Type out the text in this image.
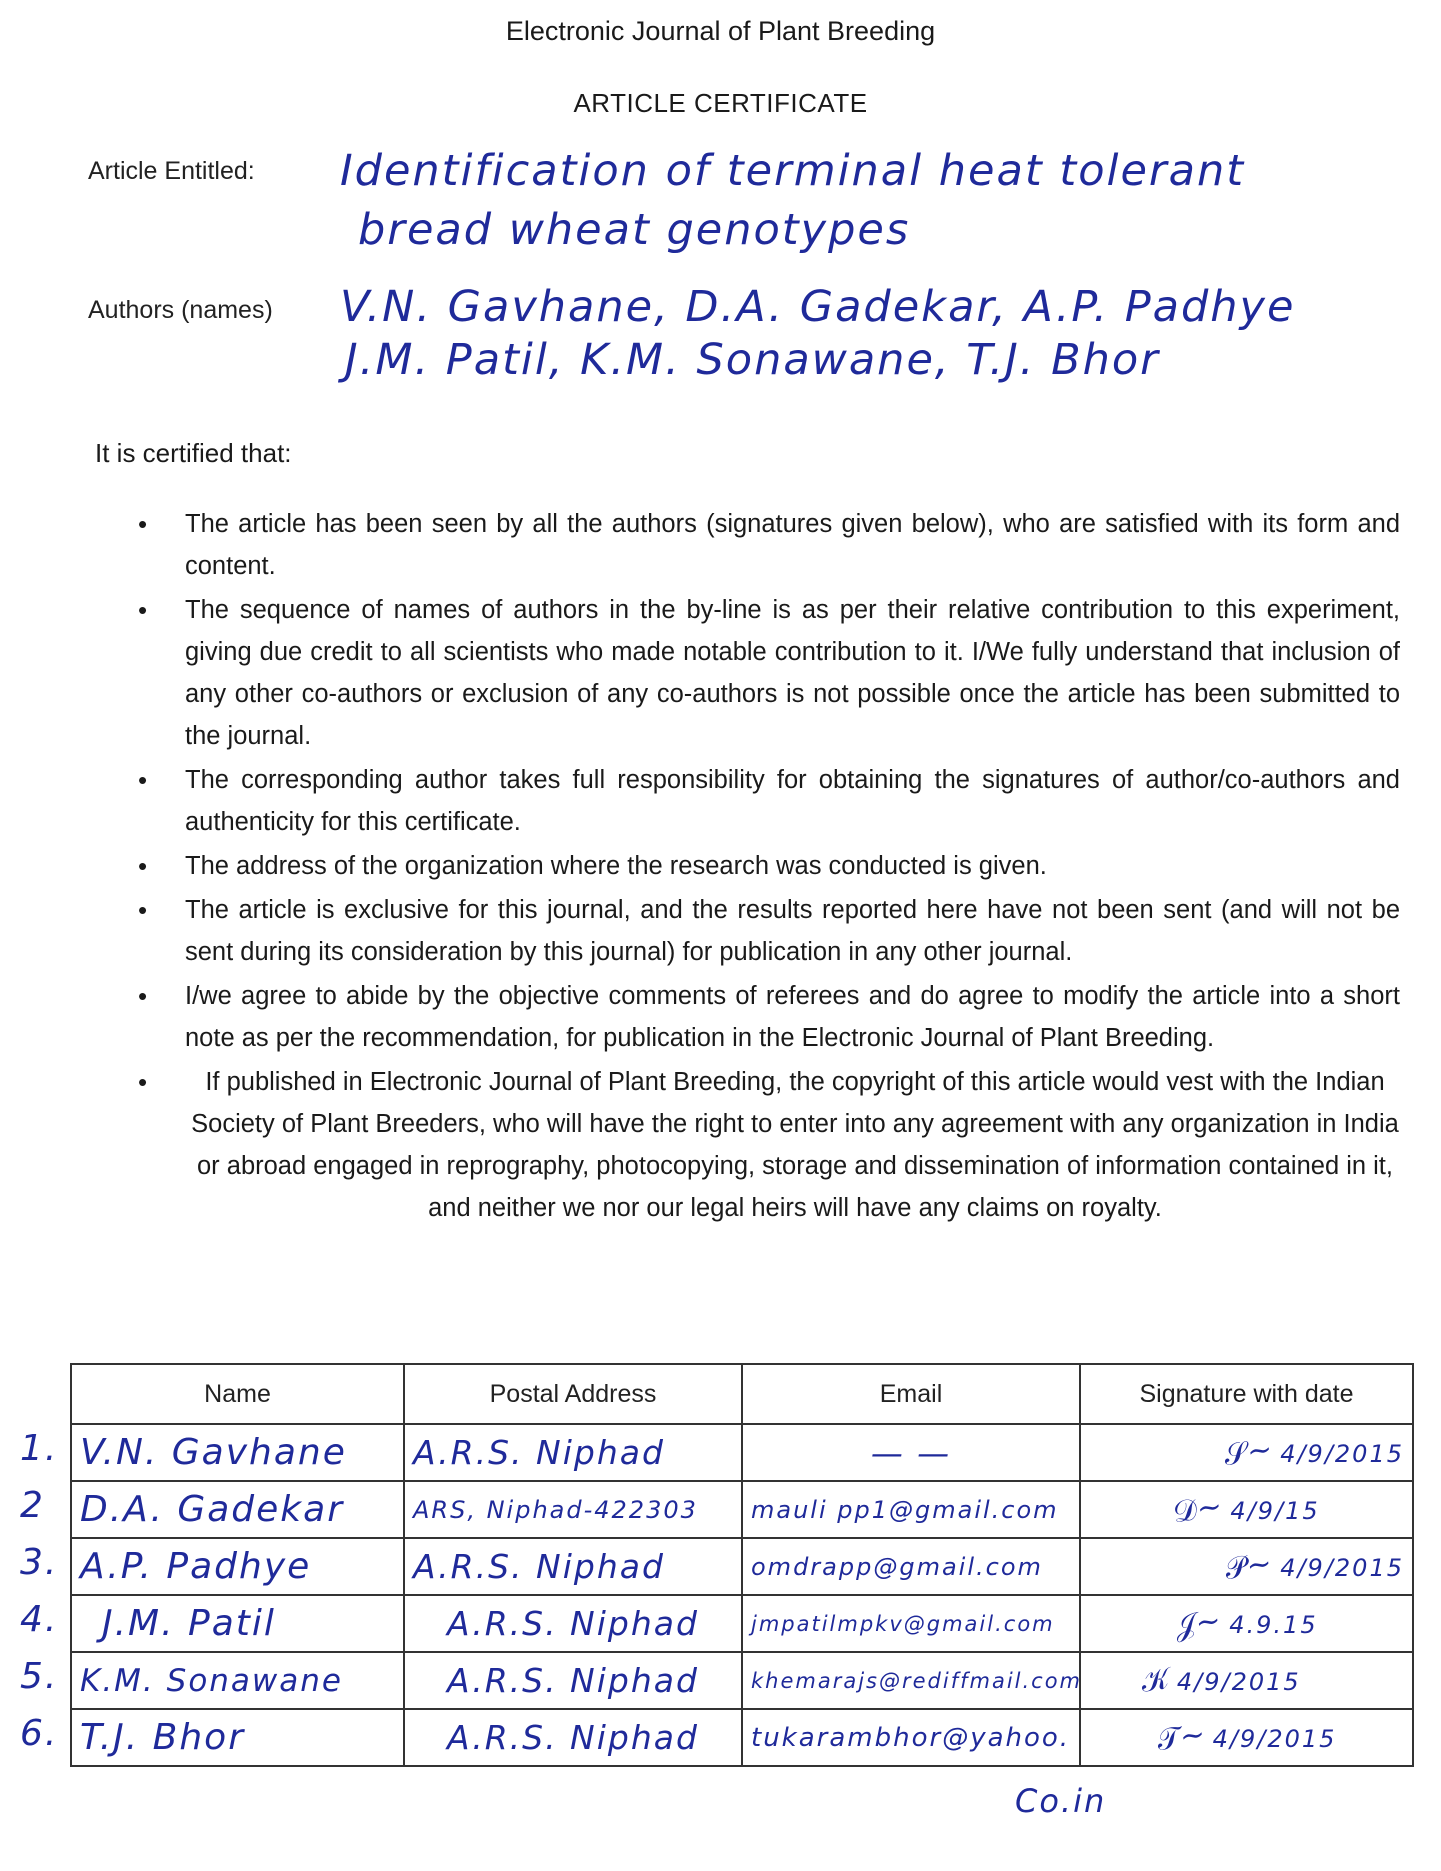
Electronic Journal of Plant Breeding
ARTICLE CERTIFICATE
Article Entitled: Identification of terminal heat tolerant
bread wheat genotypes
Authors (names) V.N. Gavhane, D.A. Gadekar, A.P. Padhye
J.M. Patil, K.M. Sonawane, T.J. Bhor
It is certified that:
• The article has been seen by all the authors (signatures given below), who are satisfied with its form and content.
• The sequence of names of authors in the by-line is as per their relative contribution to this experiment, giving due credit to all scientists who made notable contribution to it. I/We fully understand that inclusion of any other co-authors or exclusion of any co-authors is not possible once the article has been submitted to the journal.
• The corresponding author takes full responsibility for obtaining the signatures of author/co-authors and authenticity for this certificate.
• The address of the organization where the research was conducted is given.
• The article is exclusive for this journal, and the results reported here have not been sent (and will not be sent during its consideration by this journal) for publication in any other journal.
• I/we agree to abide by the objective comments of referees and do agree to modify the article into a short note as per the recommendation, for publication in the Electronic Journal of Plant Breeding.
• If published in Electronic Journal of Plant Breeding, the copyright of this article would vest with the Indian Society of Plant Breeders, who will have the right to enter into any agreement with any organization in India or abroad engaged in reprography, photocopying, storage and dissemination of information contained in it, and neither we nor our legal heirs will have any claims on royalty.
1.
2
3.
4.
5.
6.
Name	Postal Address	Email	Signature with date
V.N. Gavhane	A.R.S. Niphad	— —	𝒮~ 4/9/2015
D.A. Gadekar	ARS, Niphad-422303	mauli pp1@gmail.com	𝒟~ 4/9/15
A.P. Padhye	A.R.S. Niphad	omdrapp@gmail.com	𝒫~ 4/9/2015
J.M. Patil	A.R.S. Niphad	jmpatilmpkv@gmail.com	𝒥~ 4.9.15
K.M. Sonawane	A.R.S. Niphad	khemarajs@rediffmail.com	𝒦 4/9/2015
T.J. Bhor	A.R.S. Niphad	tukarambhor@yahoo.	𝒯~ 4/9/2015
Co.in
